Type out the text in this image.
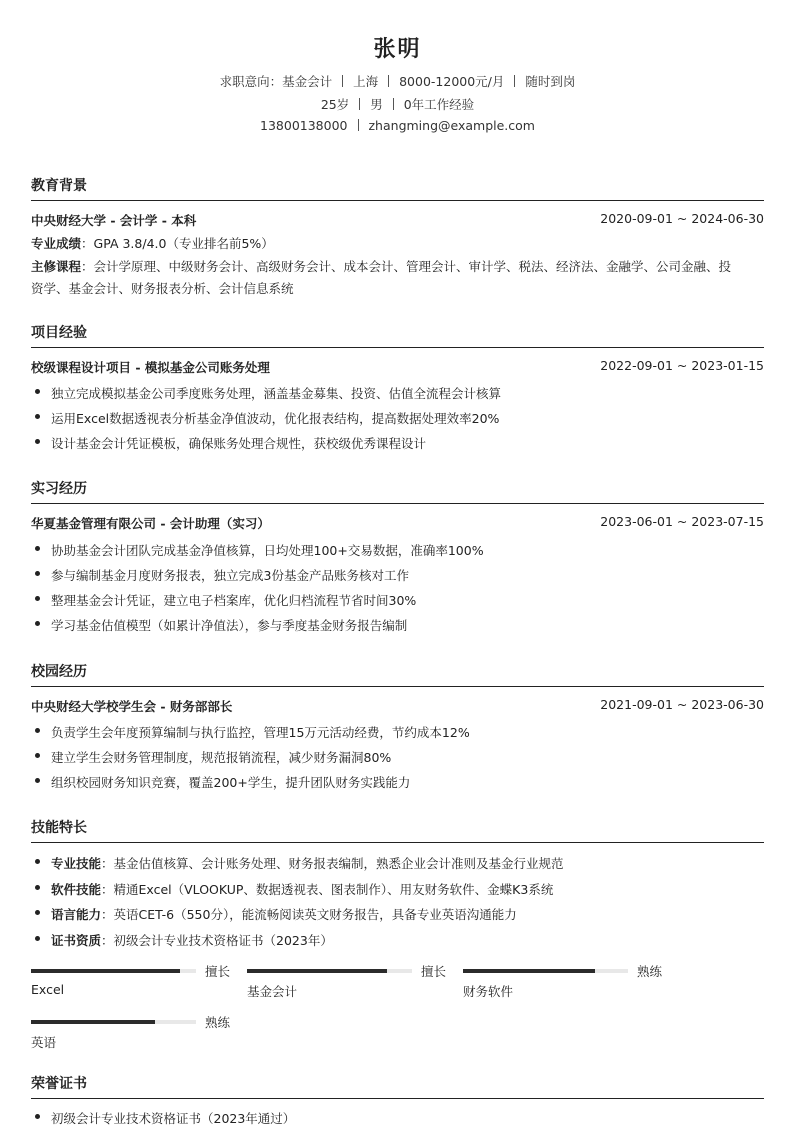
张明
求职意向：基金会计 上海 8000-12000元/月 随时到岗
25岁 男 0年工作经验
13800138000 zhangming@example.com
教育背景
中央财经大学 - 会计学 - 本科	2020-09-01 ~ 2024-06-30
专业成绩：GPA 3.8/4.0（专业排名前5%）
主修课程：会计学原理、中级财务会计、高级财务会计、成本会计、管理会计、审计学、税法、经济法、金融学、公司金融、投
资学、基金会计、财务报表分析、会计信息系统
项目经验
校级课程设计项目 - 模拟基金公司账务处理	2022-09-01 ~ 2023-01-15
独立完成模拟基金公司季度账务处理，涵盖基金募集、投资、估值全流程会计核算
运用Excel数据透视表分析基金净值波动，优化报表结构，提高数据处理效率20%
设计基金会计凭证模板，确保账务处理合规性，获校级优秀课程设计
实习经历
华夏基金管理有限公司 - 会计助理（实习）	2023-06-01 ~ 2023-07-15
协助基金会计团队完成基金净值核算，日均处理100+交易数据，准确率100%
参与编制基金月度财务报表，独立完成3份基金产品账务核对工作
整理基金会计凭证，建立电子档案库，优化归档流程节省时间30%
学习基金估值模型（如累计净值法），参与季度基金财务报告编制
校园经历
中央财经大学校学生会 - 财务部部长	2021-09-01 ~ 2023-06-30
负责学生会年度预算编制与执行监控，管理15万元活动经费，节约成本12%
建立学生会财务管理制度，规范报销流程，减少财务漏洞80%
组织校园财务知识竞赛，覆盖200+学生，提升团队财务实践能力
技能特长
专业技能：基金估值核算、会计账务处理、财务报表编制，熟悉企业会计准则及基金行业规范
软件技能：精通Excel（VLOOKUP、数据透视表、图表制作）、用友财务软件、金蝶K3系统
语言能力：英语CET-6（550分），能流畅阅读英文财务报告，具备专业英语沟通能力
证书资质：初级会计专业技术资格证书（2023年）
擅长
Excel
擅长
基金会计
熟练
财务软件
熟练
英语
荣誉证书
初级会计专业技术资格证书（2023年通过）
